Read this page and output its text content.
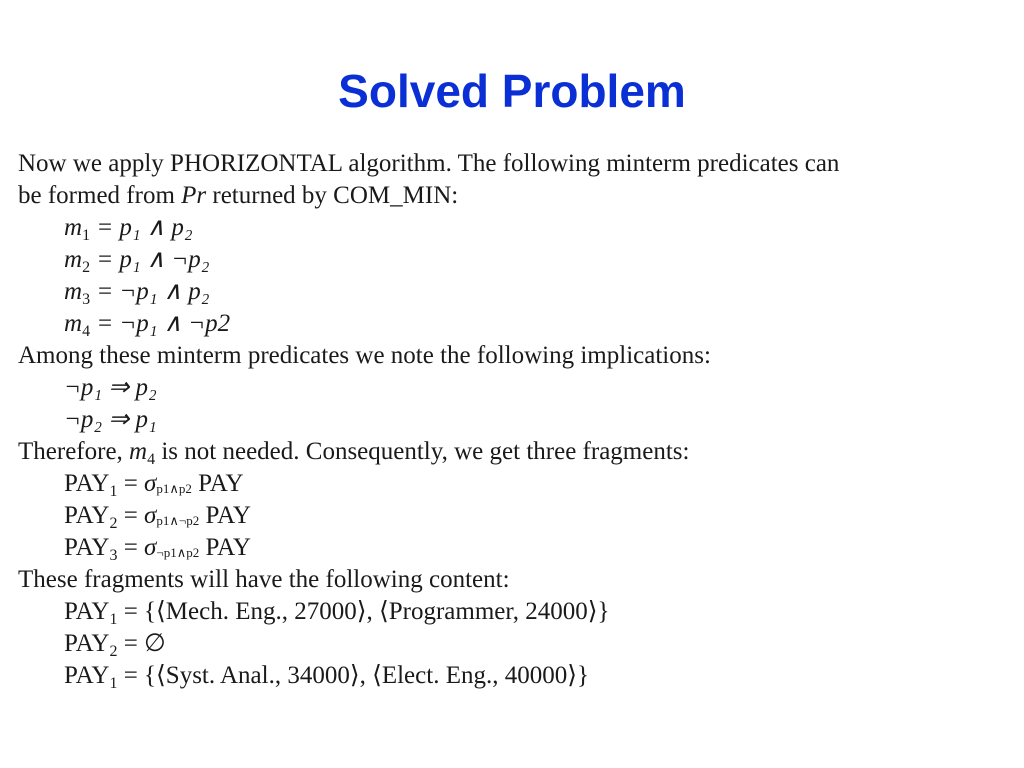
Solved Problem
Now we apply PHORIZONTAL algorithm. The following minterm predicates can
be formed from Pr returned by COM_MIN:
$m_1 = p_1$ ∧ p₂
$m_2 = p_1$ ∧ ¬p₂
$m_3$ = ¬p₁ ∧ p₂
$m_4$ = ¬p₁ ∧ ¬p2
Among these minterm predicates we note the following implications:
¬p₁ ⇒ p₂
¬p₂ ⇒ p₁
Therefore, $m_4$ is not needed. Consequently, we get three fragments:
$PAY_1 = \sigma_{p1\wedge p2}$ PAY
$PAY_2 = \sigma_{p1\wedge\neg p2}$ PAY
$PAY_3 = \sigma_{\neg p1\wedge p2}$ PAY
These fragments will have the following content:
$PAY_1$ = {⟨Mech. Eng., 27000⟩, ⟨Programmer, 24000⟩}
$PAY_2$ = ∅
$PAY_1$ = {⟨Syst. Anal., 34000⟩, ⟨Elect. Eng., 40000⟩}
